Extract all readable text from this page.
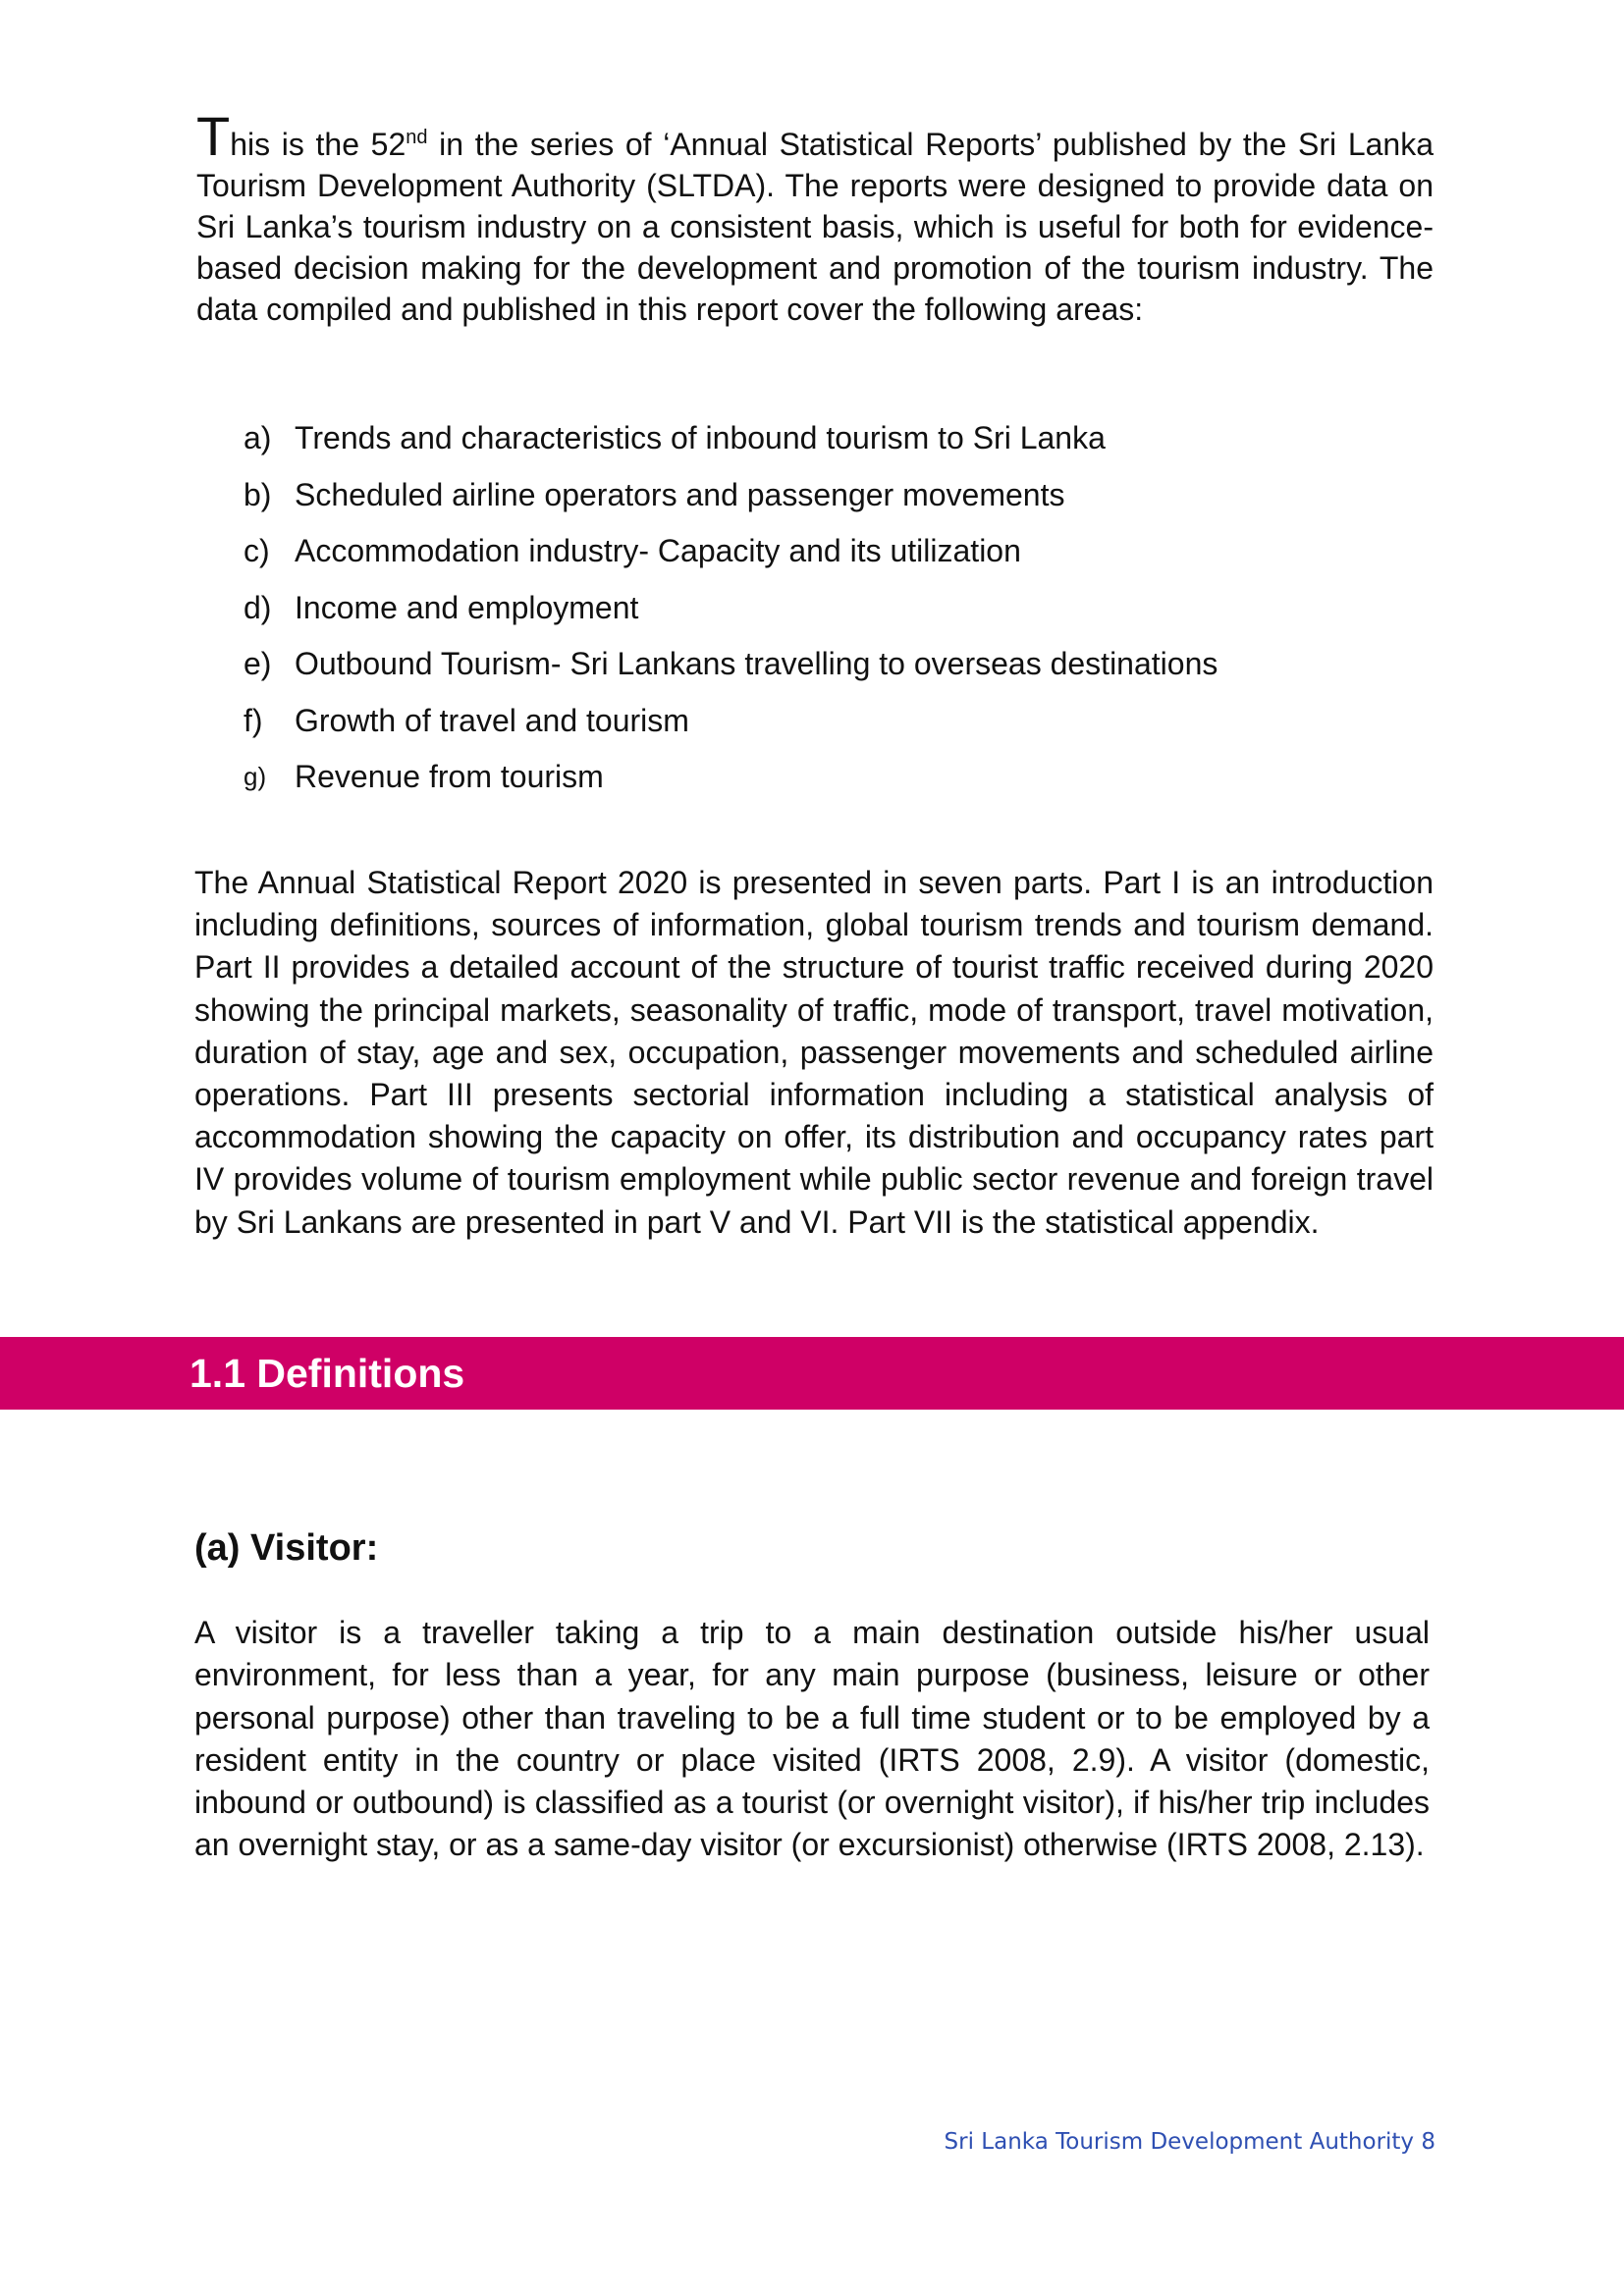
This is the 52nd in the series of ‘Annual Statistical Reports’ published by the Sri Lanka Tourism Development Authority (SLTDA). The reports were designed to provide data on Sri Lanka’s tourism industry on a consistent basis, which is useful for both for evidence-based decision making for the development and promotion of the tourism industry. The data compiled and published in this report cover the following areas:

a) Trends and characteristics of inbound tourism to Sri Lanka
b) Scheduled airline operators and passenger movements
c) Accommodation industry- Capacity and its utilization
d) Income and employment
e) Outbound Tourism- Sri Lankans travelling to overseas destinations
f)	Growth of travel and tourism
g) Revenue from tourism

The Annual Statistical Report 2020 is presented in seven parts. Part I is an introduction including definitions, sources of information, global tourism trends and tourism demand. Part II provides a detailed account of the structure of tourist traffic received during 2020 showing the principal markets, seasonality of traffic, mode of transport, travel motivation, duration of stay, age and sex, occupation, passenger movements and scheduled airline operations. Part III presents sectorial information including a statistical analysis of accommodation showing the capacity on offer, its distribution and occupancy rates part IV provides volume of tourism employment while public sector revenue and foreign travel by Sri Lankans are presented in part V and VI. Part VII is the statistical appendix.

1.1 Definitions
(a) Visitor:

A visitor is a traveller taking a trip to a main destination outside his/her usual environment, for less than a year, for any main purpose (business, leisure or other personal purpose) other than traveling to be a full time student or to be employed by a resident entity in the country or place visited (IRTS 2008, 2.9). A visitor (domestic, inbound or outbound) is classified as a tourist (or overnight visitor), if his/her trip includes an overnight stay, or as a same-day visitor (or excursionist) otherwise (IRTS 2008, 2.13).

Sri Lanka Tourism Development Authority 8
